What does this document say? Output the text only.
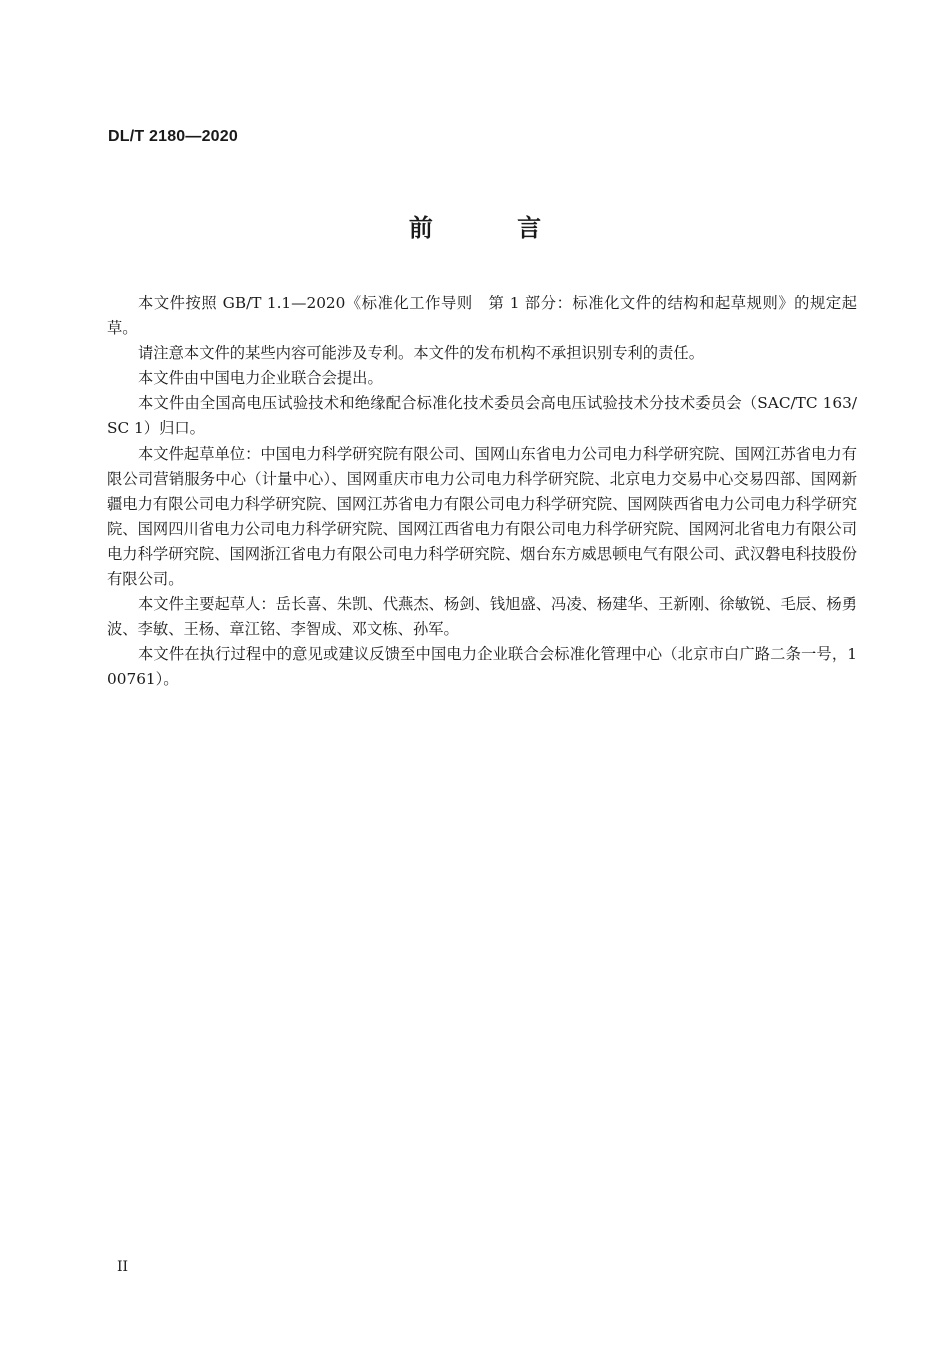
DL/T 2180—2020
前 言

本文件按照 GB/T 1.1—2020《标准化工作导则　第 1 部分：标准化文件的结构和起草规则》的规定起草。

请注意本文件的某些内容可能涉及专利。本文件的发布机构不承担识别专利的责任。

本文件由中国电力企业联合会提出。

本文件由全国高电压试验技术和绝缘配合标准化技术委员会高电压试验技术分技术委员会（SAC/TC 163/SC 1）归口。

本文件起草单位：中国电力科学研究院有限公司、国网山东省电力公司电力科学研究院、国网江苏省电力有限公司营销服务中心（计量中心）、国网重庆市电力公司电力科学研究院、北京电力交易中心交易四部、国网新疆电力有限公司电力科学研究院、国网江苏省电力有限公司电力科学研究院、国网陕西省电力公司电力科学研究院、国网四川省电力公司电力科学研究院、国网江西省电力有限公司电力科学研究院、国网河北省电力有限公司电力科学研究院、国网浙江省电力有限公司电力科学研究院、烟台东方威思顿电气有限公司、武汉磐电科技股份有限公司。

本文件主要起草人：岳长喜、朱凯、代燕杰、杨剑、钱旭盛、冯凌、杨建华、王新刚、徐敏锐、毛辰、杨勇波、李敏、王杨、章江铭、李智成、邓文栋、孙军。

本文件在执行过程中的意见或建议反馈至中国电力企业联合会标准化管理中心（北京市白广路二条一号，100761）。

II
